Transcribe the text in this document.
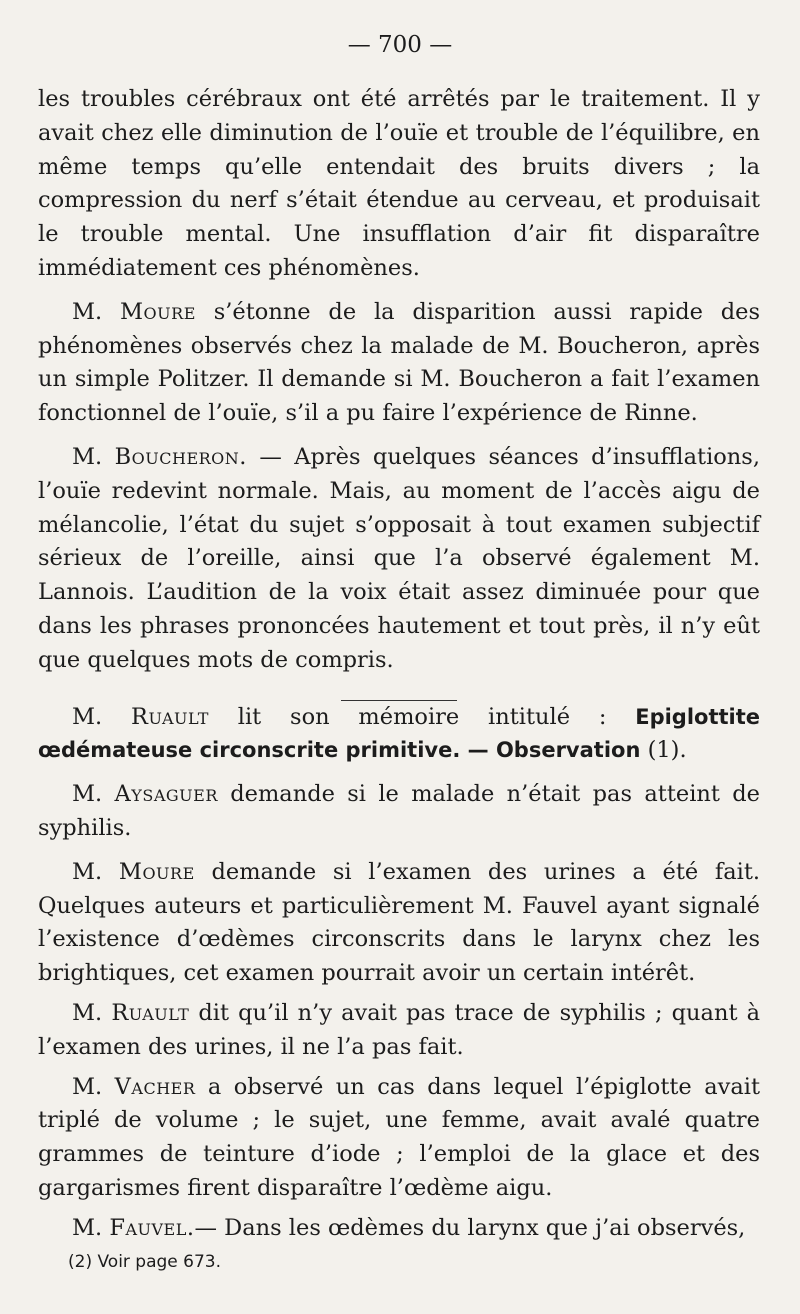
— 700 —

les troubles cérébraux ont été arrêtés par le traitement. Il y avait chez elle diminution de l’ouïe et trouble de l’équilibre, en même temps qu’elle entendait des bruits divers ; la compression du nerf s’était étendue au cerveau, et produisait le trouble mental. Une insufflation d’air fit disparaître immédiatement ces phénomènes.

M. Moure s’étonne de la disparition aussi rapide des phénomènes observés chez la malade de M. Boucheron, après un simple Politzer. Il demande si M. Boucheron a fait l’examen fonctionnel de l’ouïe, s’il a pu faire l’expérience de Rinne.

M. Boucheron. — Après quelques séances d’insufflations, l’ouïe redevint normale. Mais, au moment de l’accès aigu de mélancolie, l’état du sujet s’opposait à tout examen subjectif sérieux de l’oreille, ainsi que l’a observé également M. Lannois. L’audition de la voix était assez diminuée pour que dans les phrases prononcées hautement et tout près, il n’y eût que quelques mots de compris.

M. Ruault lit son mémoire intitulé : Epiglottite œdémateuse circonscrite primitive. — Observation (1).

M. Aysaguer demande si le malade n’était pas atteint de syphilis.

M. Moure demande si l’examen des urines a été fait. Quelques auteurs et particulièrement M. Fauvel ayant signalé l’existence d’œdèmes circonscrits dans le larynx chez les brightiques, cet examen pourrait avoir un certain intérêt.

M. Ruault dit qu’il n’y avait pas trace de syphilis ; quant à l’examen des urines, il ne l’a pas fait.

M. Vacher a observé un cas dans lequel l’épiglotte avait triplé de volume ; le sujet, une femme, avait avalé quatre grammes de teinture d’iode ; l’emploi de la glace et des gargarismes firent disparaître l’œdème aigu.

M. Fauvel.— Dans les œdèmes du larynx que j’ai observés,

(2) Voir page 673.
